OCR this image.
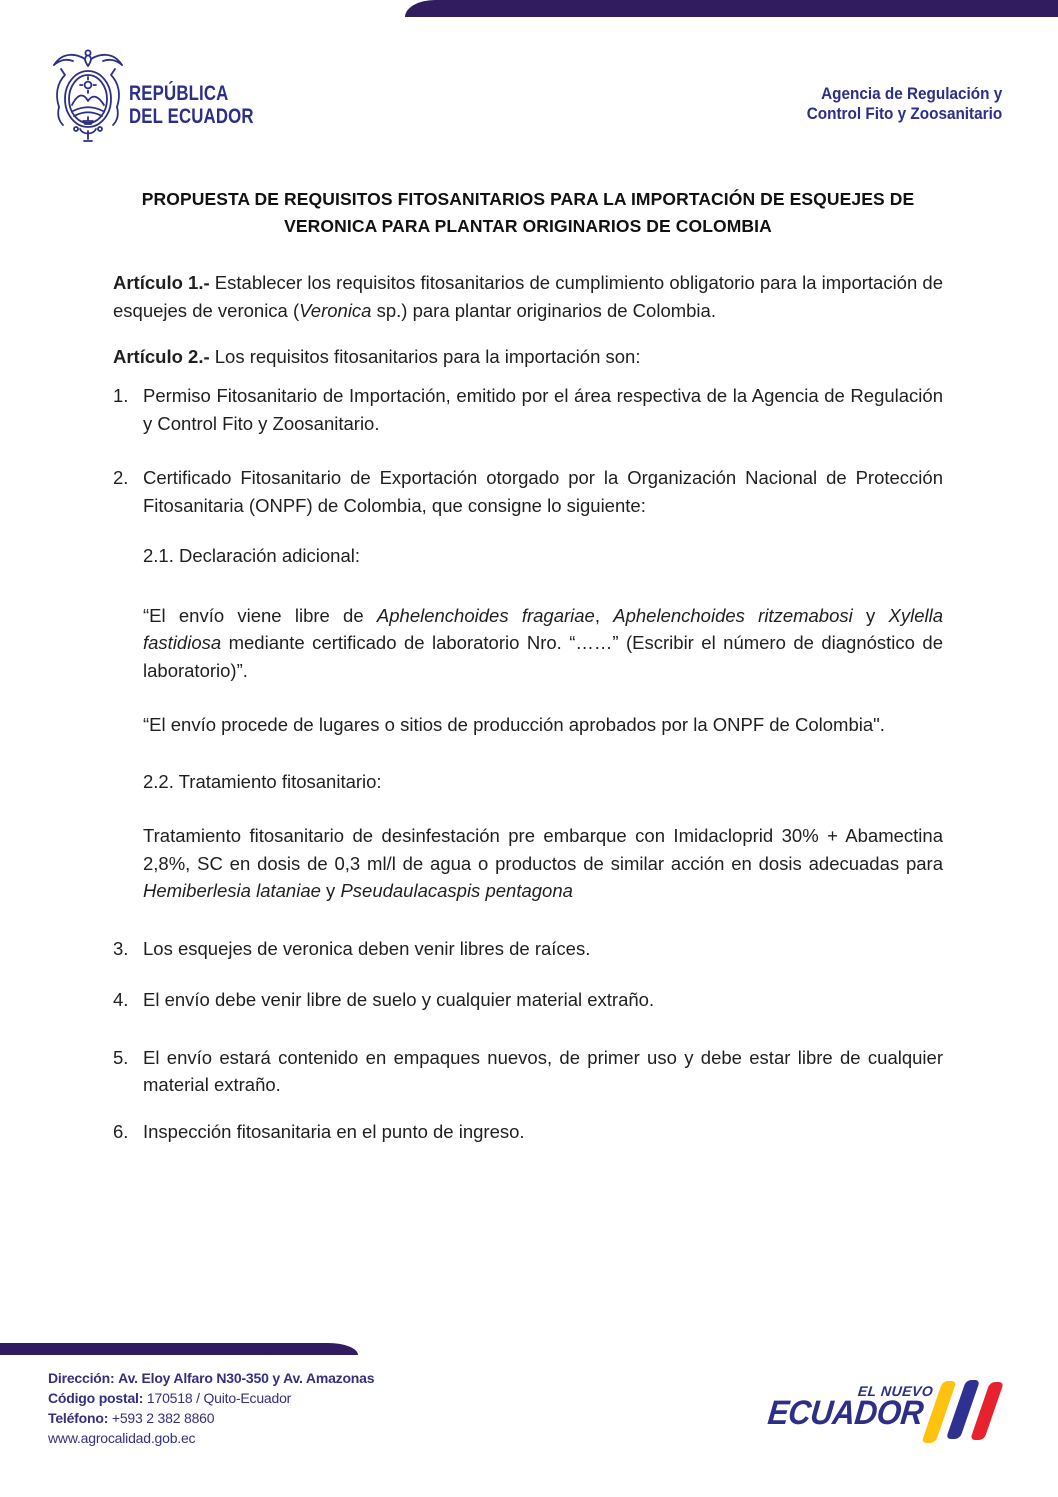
REPÚBLICA
DEL ECUADOR
Agencia de Regulación y
Control Fito y Zoosanitario
PROPUESTA DE REQUISITOS FITOSANITARIOS PARA LA IMPORTACIÓN DE ESQUEJES DE
VERONICA PARA PLANTAR ORIGINARIOS DE COLOMBIA

Artículo 1.- Establecer los requisitos fitosanitarios de cumplimiento obligatorio para la importación de esquejes de veronica (Veronica sp.) para plantar originarios de Colombia.

Artículo 2.- Los requisitos fitosanitarios para la importación son:

1. Permiso Fitosanitario de Importación, emitido por el área respectiva de la Agencia de Regulación y Control Fito y Zoosanitario.
2. Certificado Fitosanitario de Exportación otorgado por la Organización Nacional de Protección Fitosanitaria (ONPF) de Colombia, que consigne lo siguiente:
2.1. Declaración adicional:
“El envío viene libre de Aphelenchoides fragariae, Aphelenchoides ritzemabosi y Xylella fastidiosa mediante certificado de laboratorio Nro. “……” (Escribir el número de diagnóstico de laboratorio)”.
“El envío procede de lugares o sitios de producción aprobados por la ONPF de Colombia".
2.2. Tratamiento fitosanitario:
Tratamiento fitosanitario de desinfestación pre embarque con Imidacloprid 30% + Abamectina 2,8%, SC en dosis de 0,3 ml/l de agua o productos de similar acción en dosis adecuadas para Hemiberlesia lataniae y Pseudaulacaspis pentagona
3. Los esquejes de veronica deben venir libres de raíces.
4. El envío debe venir libre de suelo y cualquier material extraño.
5. El envío estará contenido en empaques nuevos, de primer uso y debe estar libre de cualquier material extraño.
6. Inspección fitosanitaria en el punto de ingreso.
Dirección: Av. Eloy Alfaro N30-350 y Av. Amazonas
Código postal: 170518 / Quito-Ecuador
Teléfono: +593 2 382 8860
www.agrocalidad.gob.ec
EL NUEVO
ECUADOR
